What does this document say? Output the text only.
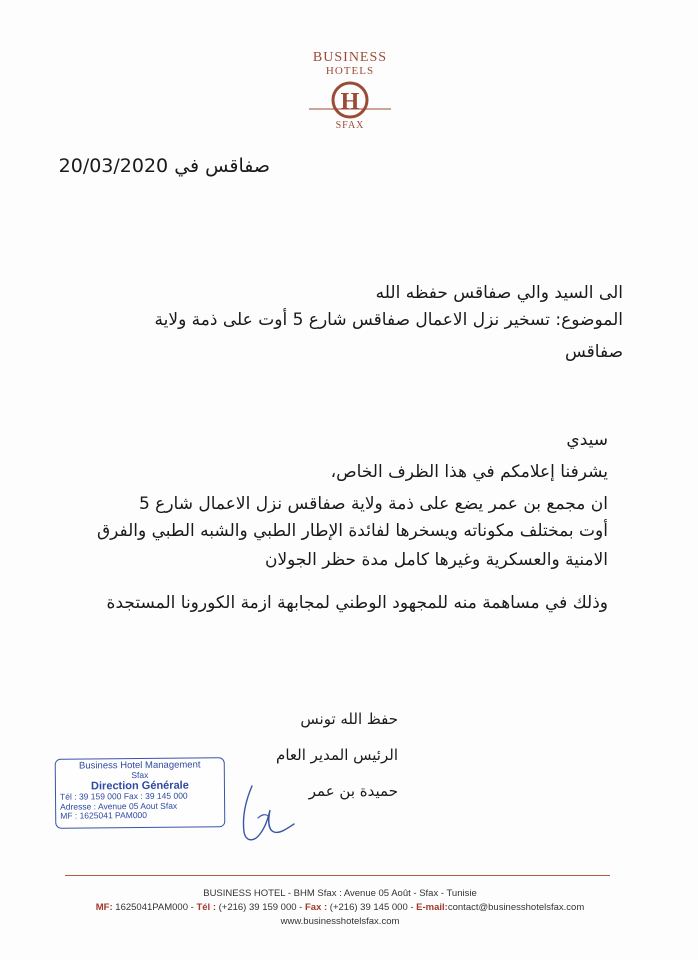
BUSINESS
HOTELS
H
SFAX
صفاقس في 20/03/2020
الى السيد والي صفاقس حفظه الله
الموضوع: تسخير نزل الاعمال صفاقس شارع 5 أوت على ذمة ولاية
صفاقس
سيدي
يشرفنا إعلامكم في هذا الظرف الخاص،
ان مجمع بن عمر يضع على ذمة ولاية صفاقس نزل الاعمال شارع 5
أوت بمختلف مكوناته ويسخرها لفائدة الإطار الطبي والشبه الطبي والفرق
الامنية والعسكرية وغيرها كامل مدة حظر الجولان
وذلك في مساهمة منه للمجهود الوطني لمجابهة ازمة الكورونا المستجدة
حفظ الله تونس
الرئيس المدير العام
حميدة بن عمر
Business Hotel Management
Sfax
Direction Générale
Tél : 39 159 000 Fax : 39 145 000
Adresse : Avenue 05 Aout Sfax
MF : 1625041 PAM000
BUSINESS HOTEL - BHM Sfax : Avenue 05 Août - Sfax - Tunisie
MF: 1625041PAM000 - Tél : (+216) 39 159 000 - Fax : (+216) 39 145 000 - E-mail:contact@businesshotelsfax.com
www.businesshotelsfax.com
